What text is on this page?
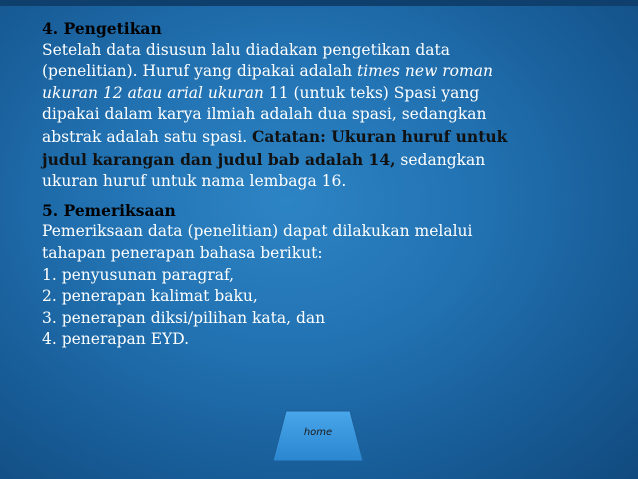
4. Pengetikan

Setelah data disusun lalu diadakan pengetikan data

(penelitian). Huruf yang dipakai adalah times new roman

ukuran 12 atau arial ukuran 11 (untuk teks) Spasi yang

dipakai dalam karya ilmiah adalah dua spasi, sedangkan

abstrak adalah satu spasi. Catatan: Ukuran huruf untuk

judul karangan dan judul bab adalah 14, sedangkan

ukuran huruf untuk nama lembaga 16.

5. Pemeriksaan

Pemeriksaan data (penelitian) dapat dilakukan melalui

tahapan penerapan bahasa berikut:

1. penyusunan paragraf,

2. penerapan kalimat baku,

3. penerapan diksi/pilihan kata, dan

4. penerapan EYD.

home
